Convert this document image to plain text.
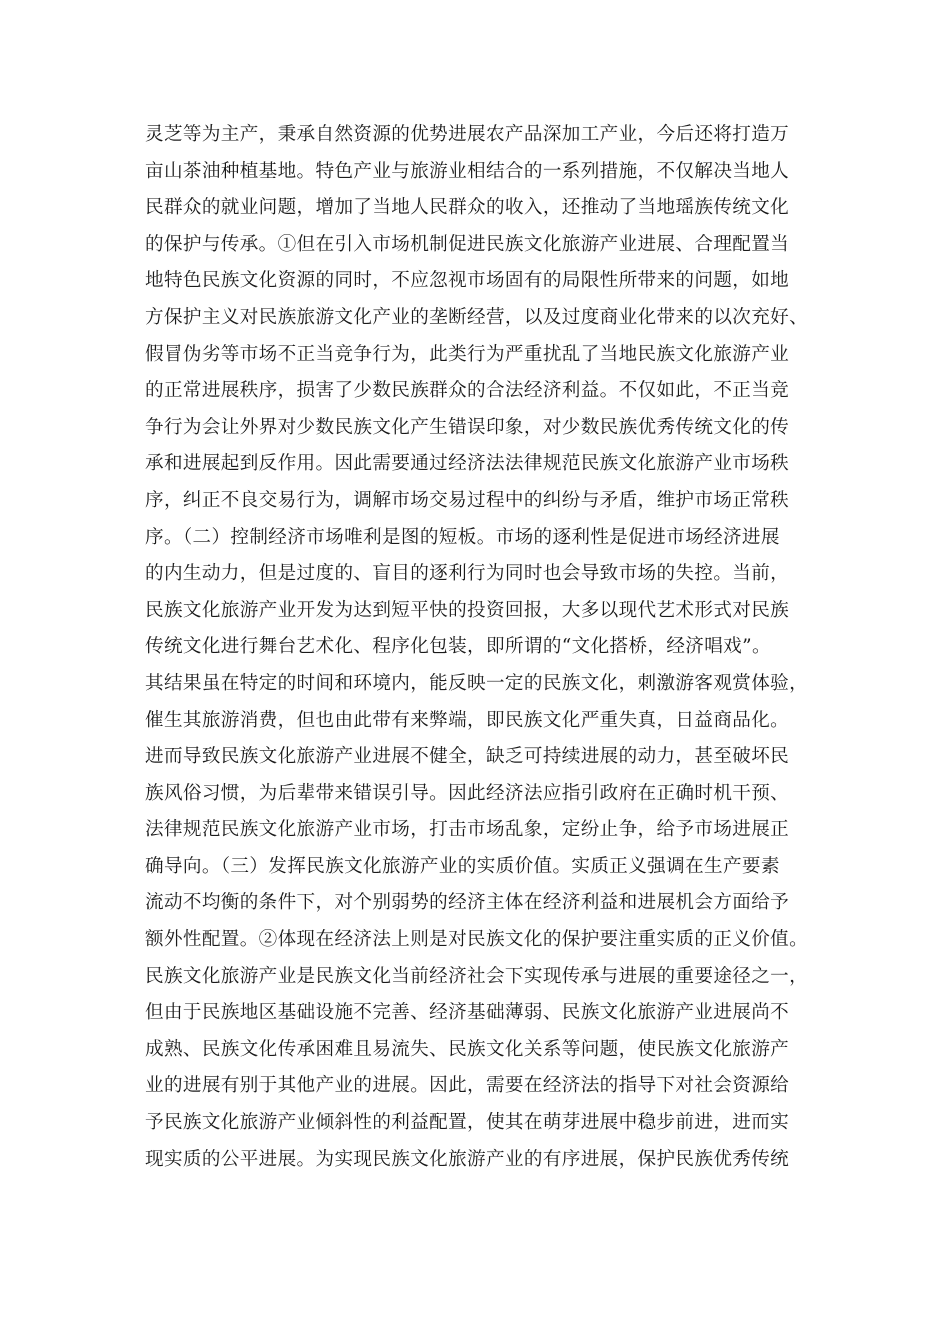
灵芝等为主产，秉承自然资源的优势进展农产品深加工产业，今后还将打造万
亩山茶油种植基地。特色产业与旅游业相结合的一系列措施，不仅解决当地人
民群众的就业问题，增加了当地人民群众的收入，还推动了当地瑶族传统文化
的保护与传承。①但在引入市场机制促进民族文化旅游产业进展、合理配置当
地特色民族文化资源的同时，不应忽视市场固有的局限性所带来的问题，如地
方保护主义对民族旅游文化产业的垄断经营，以及过度商业化带来的以次充好、
假冒伪劣等市场不正当竞争行为，此类行为严重扰乱了当地民族文化旅游产业
的正常进展秩序，损害了少数民族群众的合法经济利益。不仅如此，不正当竞
争行为会让外界对少数民族文化产生错误印象，对少数民族优秀传统文化的传
承和进展起到反作用。因此需要通过经济法法律规范民族文化旅游产业市场秩
序，纠正不良交易行为，调解市场交易过程中的纠纷与矛盾，维护市场正常秩
序。（二）控制经济市场唯利是图的短板。市场的逐利性是促进市场经济进展
的内生动力，但是过度的、盲目的逐利行为同时也会导致市场的失控。当前，
民族文化旅游产业开发为达到短平快的投资回报，大多以现代艺术形式对民族
传统文化进行舞台艺术化、程序化包装，即所谓的“文化搭桥，经济唱戏”。
其结果虽在特定的时间和环境内，能反映一定的民族文化，刺激游客观赏体验，
催生其旅游消费，但也由此带有来弊端，即民族文化严重失真，日益商品化。
进而导致民族文化旅游产业进展不健全，缺乏可持续进展的动力，甚至破坏民
族风俗习惯，为后辈带来错误引导。因此经济法应指引政府在正确时机干预、
法律规范民族文化旅游产业市场，打击市场乱象，定纷止争，给予市场进展正
确导向。（三）发挥民族文化旅游产业的实质价值。实质正义强调在生产要素
流动不均衡的条件下，对个别弱势的经济主体在经济利益和进展机会方面给予
额外性配置。②体现在经济法上则是对民族文化的保护要注重实质的正义价值。
民族文化旅游产业是民族文化当前经济社会下实现传承与进展的重要途径之一，
但由于民族地区基础设施不完善、经济基础薄弱、民族文化旅游产业进展尚不
成熟、民族文化传承困难且易流失、民族文化关系等问题，使民族文化旅游产
业的进展有别于其他产业的进展。因此，需要在经济法的指导下对社会资源给
予民族文化旅游产业倾斜性的利益配置，使其在萌芽进展中稳步前进，进而实
现实质的公平进展。为实现民族文化旅游产业的有序进展，保护民族优秀传统
